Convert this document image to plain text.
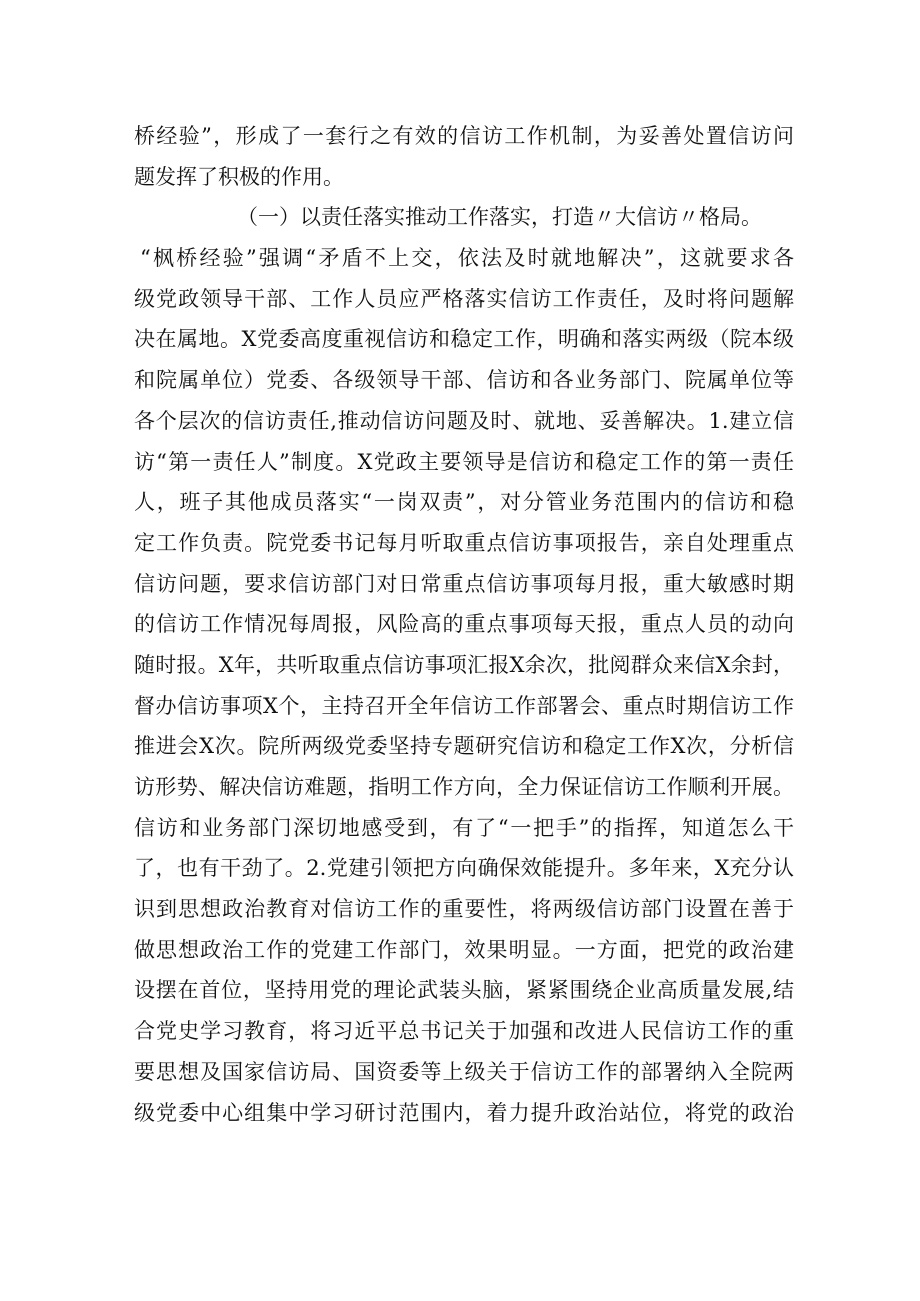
桥经验”，形成了一套行之有效的信访工作机制，为妥善处置信访问
题发挥了积极的作用。
（一）以责任落实推动工作落实，打造〃大信访〃格局。
“枫桥经验”强调“矛盾不上交，依法及时就地解决”，这就要求各
级党政领导干部、工作人员应严格落实信访工作责任，及时将问题解
决在属地。X党委高度重视信访和稳定工作，明确和落实两级（院本级
和院属单位）党委、各级领导干部、信访和各业务部门、院属单位等
各个层次的信访责任,推动信访问题及时、就地、妥善解决。1.建立信
访“第一责任人”制度。X党政主要领导是信访和稳定工作的第一责任
人，班子其他成员落实“一岗双责”，对分管业务范围内的信访和稳
定工作负责。院党委书记每月听取重点信访事项报告，亲自处理重点
信访问题，要求信访部门对日常重点信访事项每月报，重大敏感时期
的信访工作情况每周报，风险高的重点事项每天报，重点人员的动向
随时报。X年，共听取重点信访事项汇报X余次，批阅群众来信X余封，
督办信访事项X个，主持召开全年信访工作部署会、重点时期信访工作
推进会X次。院所两级党委坚持专题研究信访和稳定工作X次，分析信
访形势、解决信访难题，指明工作方向，全力保证信访工作顺利开展。
信访和业务部门深切地感受到，有了“一把手”的指挥，知道怎么干
了，也有干劲了。2.党建引领把方向确保效能提升。多年来，X充分认
识到思想政治教育对信访工作的重要性，将两级信访部门设置在善于
做思想政治工作的党建工作部门，效果明显。一方面，把党的政治建
设摆在首位，坚持用党的理论武装头脑，紧紧围绕企业高质量发展,结
合党史学习教育，将习近平总书记关于加强和改进人民信访工作的重
要思想及国家信访局、国资委等上级关于信访工作的部署纳入全院两
级党委中心组集中学习研讨范围内，着力提升政治站位，将党的政治
